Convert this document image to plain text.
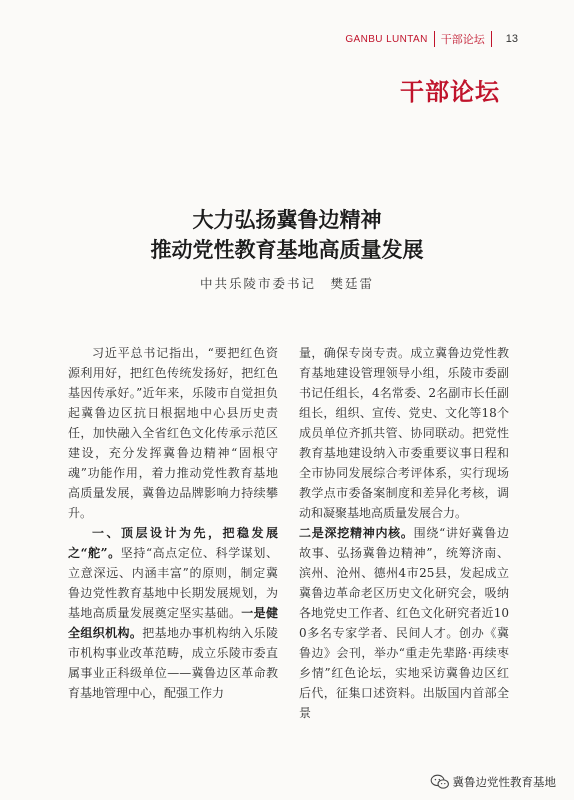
GANBU LUNTAN 干部论坛 13
干部论坛
大力弘扬冀鲁边精神
推动党性教育基地高质量发展
中共乐陵市委书记　樊廷雷

习近平总书记指出，“要把红色资源利用好，把红色传统发扬好，把红色基因传承好。”近年来，乐陵市自觉担负起冀鲁边区抗日根据地中心县历史责任，加快融入全省红色文化传承示范区建设，充分发挥冀鲁边精神“固根守魂”功能作用，着力推动党性教育基地高质量发展，冀鲁边品牌影响力持续攀升。

一、顶层设计为先，把稳发展之“舵”。坚持“高点定位、科学谋划、立意深远、内涵丰富”的原则，制定冀鲁边党性教育基地中长期发展规划，为基地高质量发展奠定坚实基础。一是健全组织机构。把基地办事机构纳入乐陵市机构事业改革范畴，成立乐陵市委直属事业正科级单位——冀鲁边区革命教育基地管理中心，配强工作力

量，确保专岗专责。成立冀鲁边党性教育基地建设管理领导小组，乐陵市委副书记任组长，4名常委、2名副市长任副组长，组织、宣传、党史、文化等18个成员单位齐抓共管、协同联动。把党性教育基地建设纳入市委重要议事日程和全市协同发展综合考评体系，实行现场教学点市委备案制度和差异化考核，调动和凝聚基地高质量发展合力。

二是深挖精神内核。围绕“讲好冀鲁边故事、弘扬冀鲁边精神”，统筹济南、滨州、沧州、德州4市25县，发起成立冀鲁边革命老区历史文化研究会，吸纳各地党史工作者、红色文化研究者近100多名专家学者、民间人才。创办《冀鲁边》会刊，举办“重走先辈路·再续枣乡情”红色论坛，实地采访冀鲁边区红后代，征集口述资料。出版国内首部全景

冀鲁边党性教育基地
